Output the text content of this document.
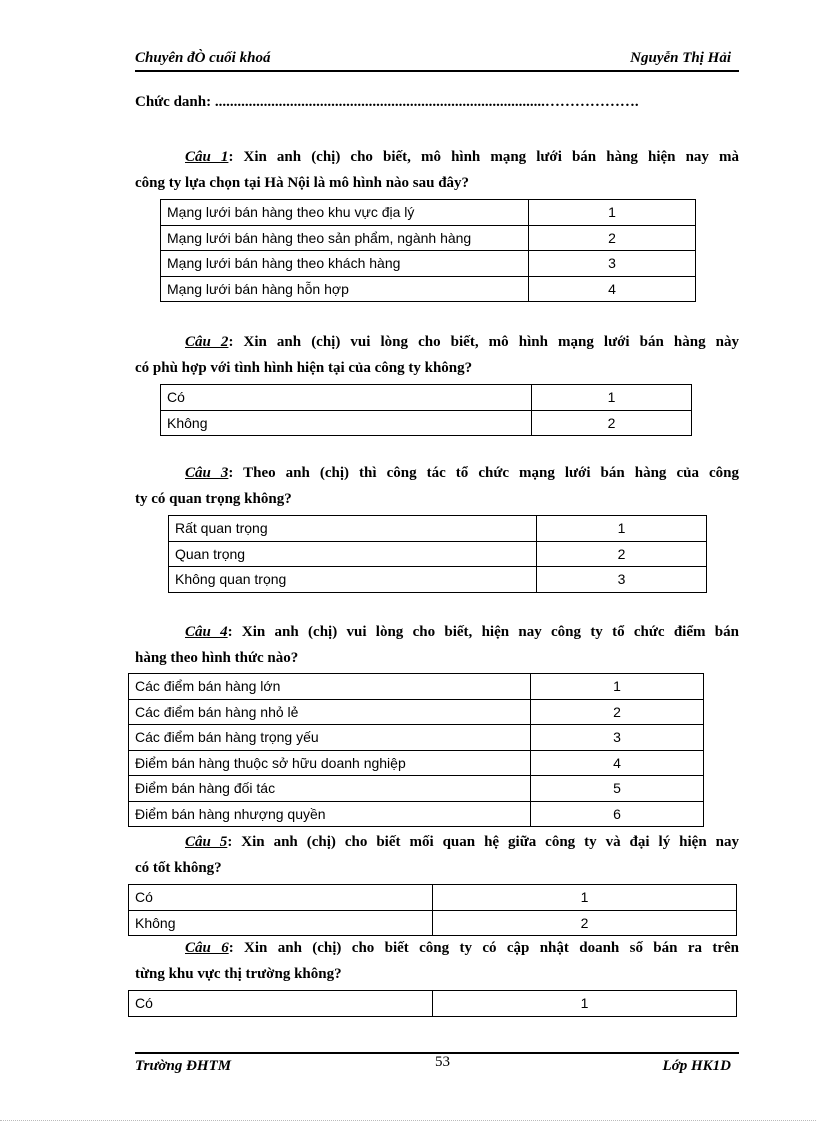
Chuyên đÒ cuối khoá	Nguyễn Thị Hải
Chức danh: ........................................................................................……………….
Câu 1: Xin anh (chị) cho biết, mô hình mạng lưới bán hàng hiện nay mà
công ty lựa chọn tại Hà Nội là mô hình nào sau đây?
Mạng lưới bán hàng theo khu vực địa lý	1
Mạng lưới bán hàng theo sản phẩm, ngành hàng	2
Mạng lưới bán hàng theo khách hàng	3
Mạng lưới bán hàng hỗn hợp	4
Câu 2: Xin anh (chị) vui lòng cho biết, mô hình mạng lưới bán hàng này
có phù hợp với tình hình hiện tại của công ty không?
Có	1
Không	2
Câu 3: Theo anh (chị) thì công tác tổ chức mạng lưới bán hàng của công
ty có quan trọng không?
Rất quan trọng	1
Quan trọng	2
Không quan trọng	3
Câu 4: Xin anh (chị) vui lòng cho biết, hiện nay công ty tổ chức điểm bán
hàng theo hình thức nào?
Các điểm bán hàng lớn	1
Các điểm bán hàng nhỏ lẻ	2
Các điểm bán hàng trọng yếu	3
Điểm bán hàng thuộc sở hữu doanh nghiệp	4
Điểm bán hàng đối tác	5
Điểm bán hàng nhượng quyền	6
Câu 5: Xin anh (chị) cho biết mối quan hệ giữa công ty và đại lý hiện nay
có tốt không?
Có	1
Không	2
Câu 6: Xin anh (chị) cho biết công ty có cập nhật doanh số bán ra trên
từng khu vực thị trường không?
Có	1
Trường ĐHTM	53	Lớp HK1D
